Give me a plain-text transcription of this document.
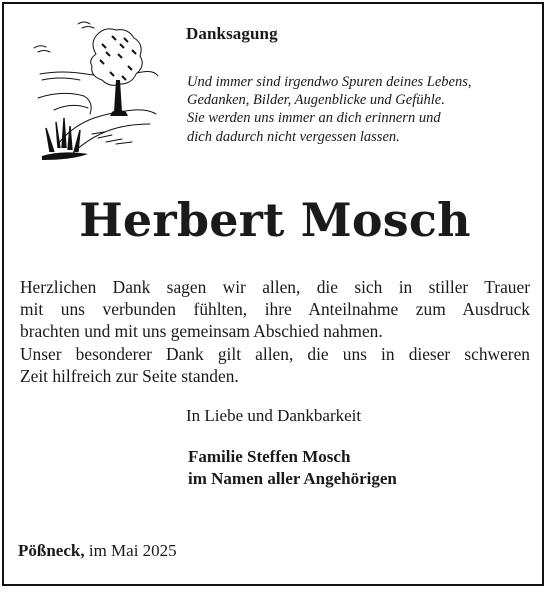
Danksagung
Und immer sind irgendwo Spuren deines Lebens,
Gedanken, Bilder, Augenblicke und Gefühle.
Sie werden uns immer an dich erinnern und
dich dadurch nicht vergessen lassen.
Herbert Mosch
Herzlichen Dank sagen wir allen, die sich in stiller Trauer
mit uns verbunden fühlten, ihre Anteilnahme zum Ausdruck
brachten und mit uns gemeinsam Abschied nahmen.
Unser besonderer Dank gilt allen, die uns in dieser schweren
Zeit hilfreich zur Seite standen.
In Liebe und Dankbarkeit
Familie Steffen Mosch
im Namen aller Angehörigen
Pößneck, im Mai 2025
